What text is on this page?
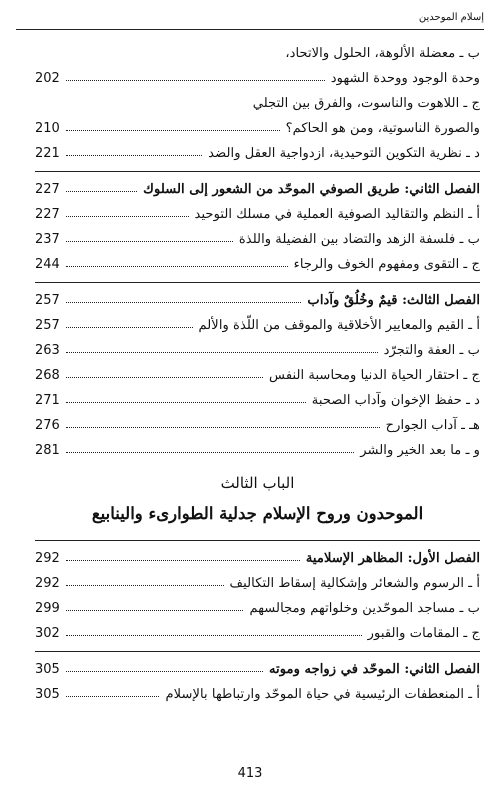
إسلام الموحدين
ب ـ معضلة الألوهة، الحلول والاتحاد،
وحدة الوجود ووحدة الشهود
202
ج ـ اللاهوت والناسوت، والفرق بين التجلي
والصورة الناسوتية، ومن هو الحاكم؟
210
د ـ نظرية التكوين التوحيدية، ازدواجية العقل والضد
221
الفصل الثاني: طريق الصوفي الموحّد من الشعور إلى السلوك
227
أ ـ النظم والتقاليد الصوفية العملية في مسلك التوحيد
227
ب ـ فلسفة الزهد والتضاد بين الفضيلة واللذة
237
ج ـ التقوى ومفهوم الخوف والرجاء
244
الفصل الثالث: قيمٌ وخُلُقٌ وآداب
257
أ ـ القيم والمعايير الأخلاقية والموقف من اللّذة والألم
257
ب ـ العفة والتجرّد
263
ج ـ احتقار الحياة الدنيا ومحاسبة النفس
268
د ـ حفظ الإخوان وآداب الصحبة
271
هـ ـ آداب الجوارح
276
و ـ ما بعد الخير والشر
281
الباب الثالث
الموحدون وروح الإسلام جدلية الطوارىء والينابيع
الفصل الأول: المظاهر الإسلامية
292
أ ـ الرسوم والشعائر وإشكالية إسقاط التكاليف
292
ب ـ مساجد الموحّدين وخلواتهم ومجالسهم
299
ج ـ المقامات والقبور
302
الفصل الثاني: الموحّد في زواجه وموته
305
أ ـ المنعطفات الرئيسية في حياة الموحّد وارتباطها بالإسلام
305
413
